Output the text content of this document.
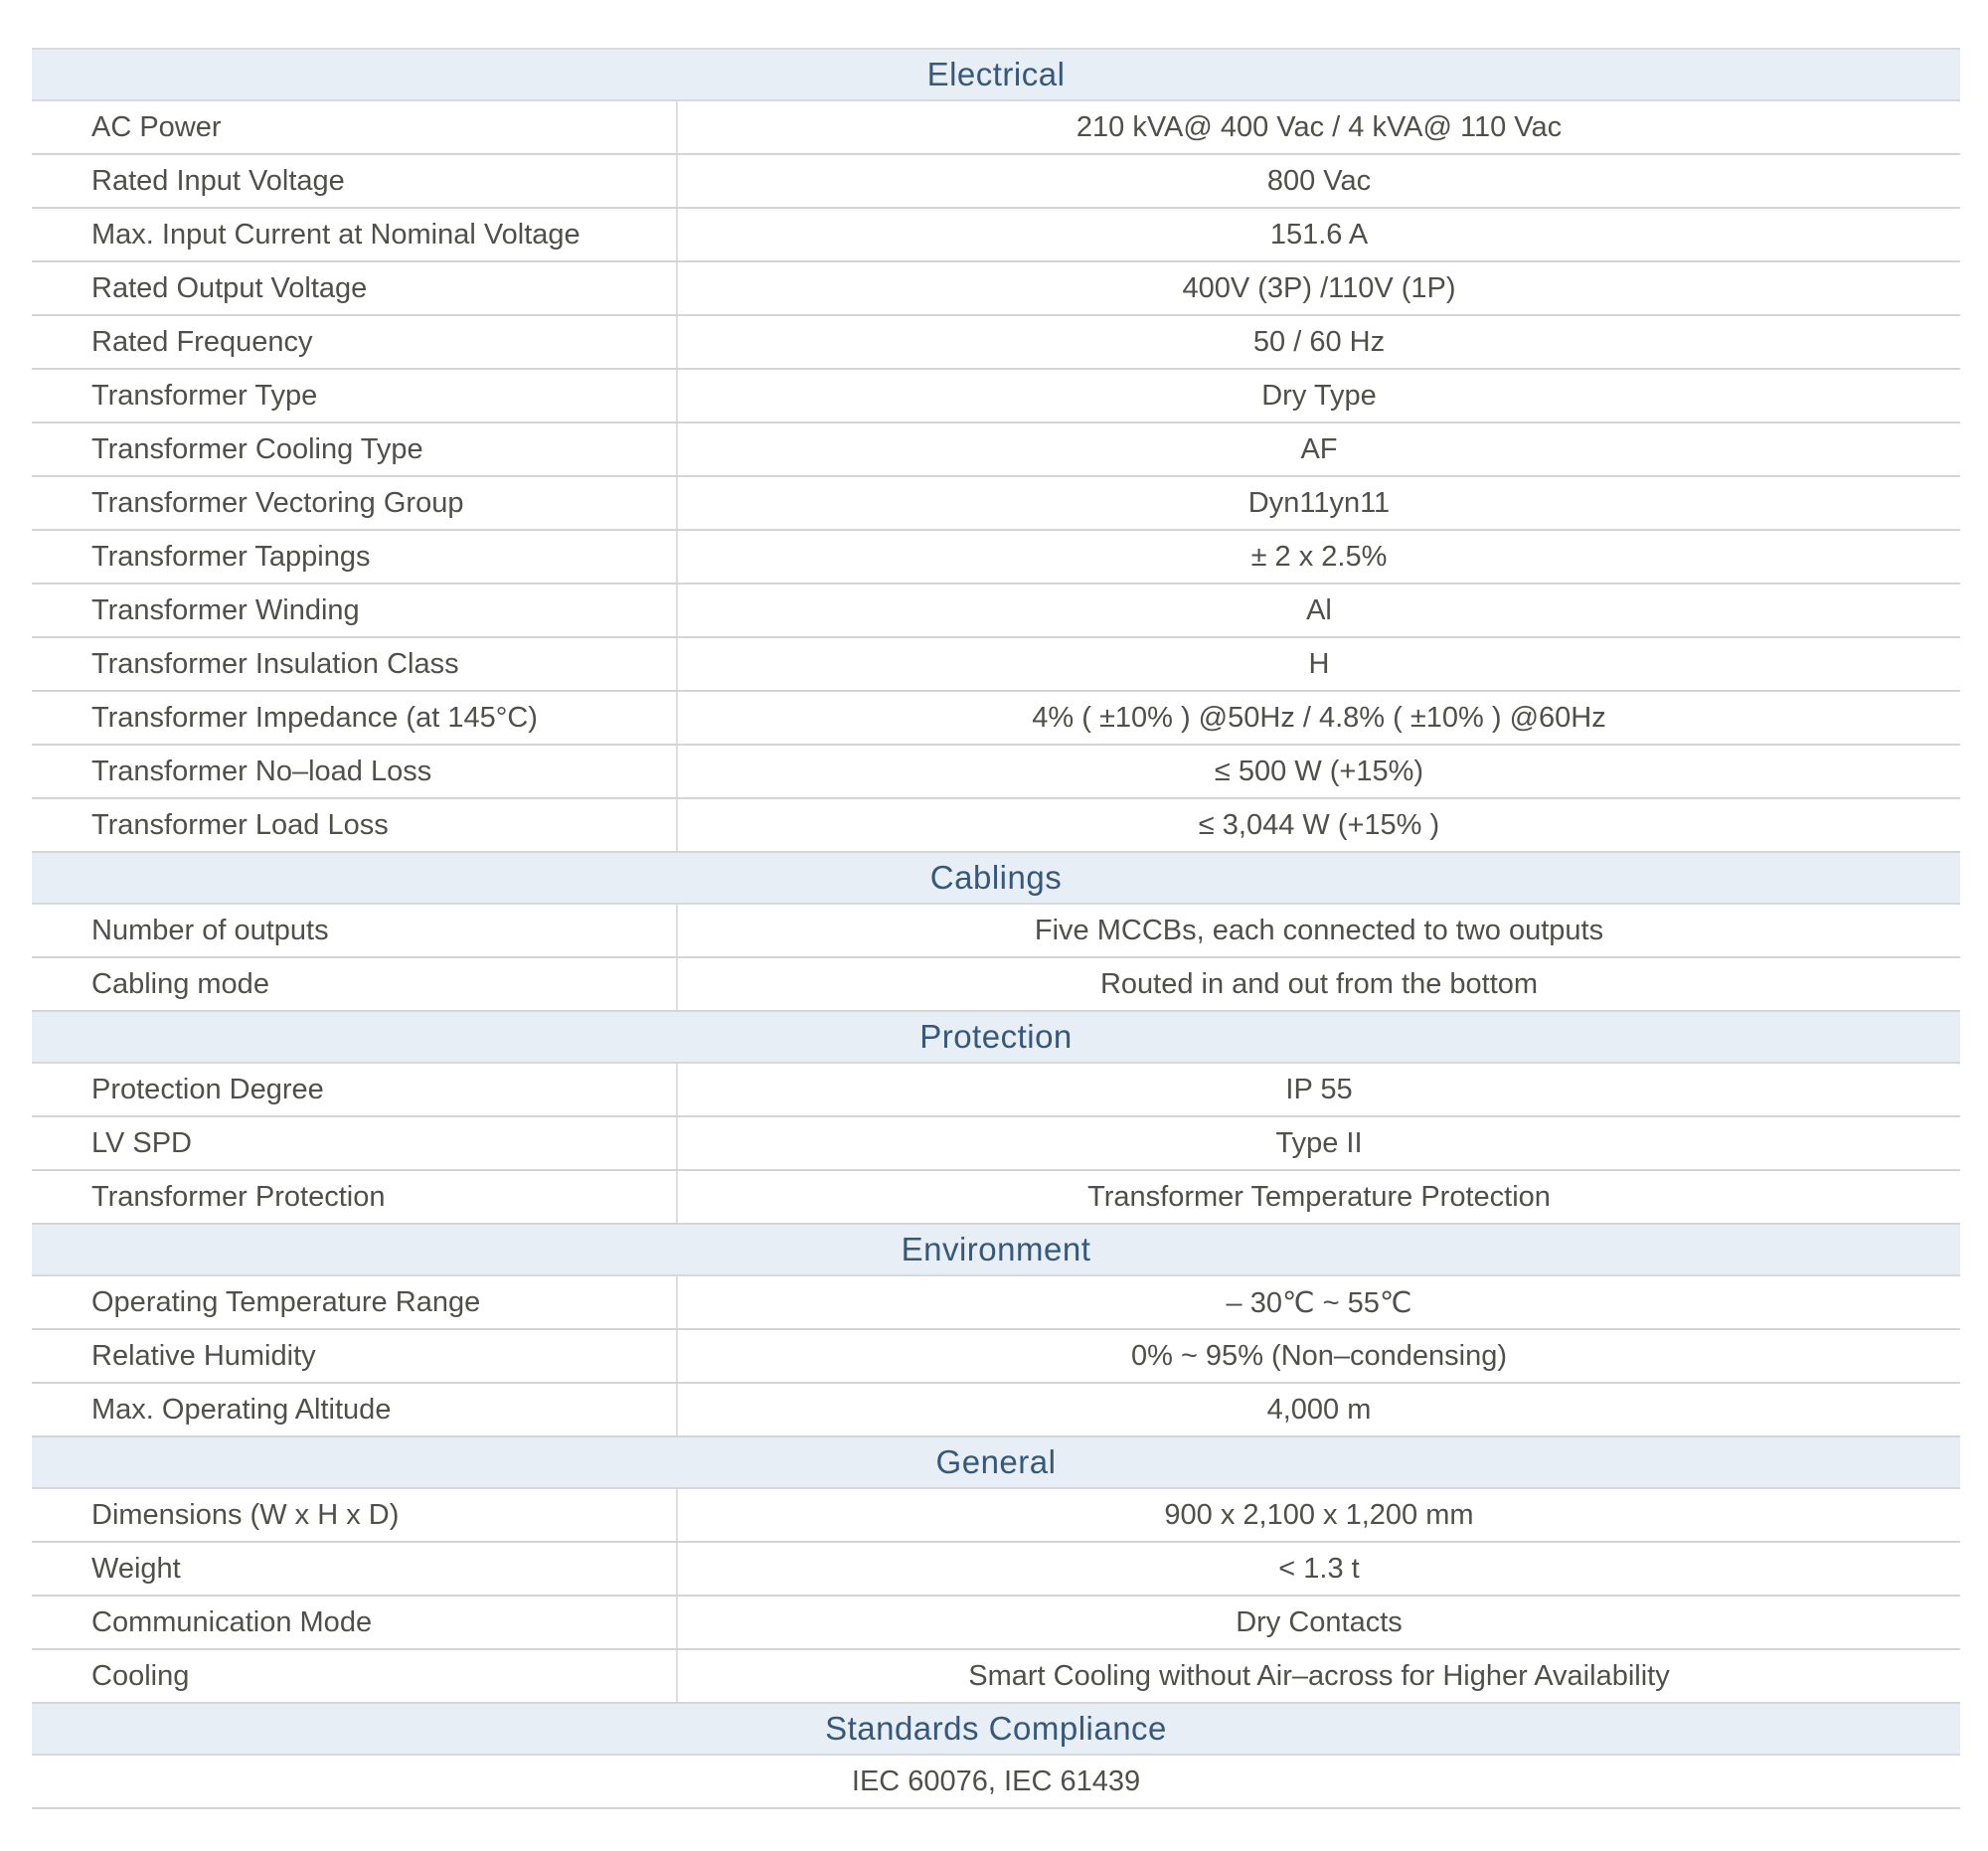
Electrical
AC Power	210 kVA@ 400 Vac / 4 kVA@ 110 Vac
Rated Input Voltage	800 Vac
Max. Input Current at Nominal Voltage	151.6 A
Rated Output Voltage	400V (3P) /110V (1P)
Rated Frequency	50 / 60 Hz
Transformer Type	Dry Type
Transformer Cooling Type	AF
Transformer Vectoring Group	Dyn11yn11
Transformer Tappings	± 2 x 2.5%
Transformer Winding	Al
Transformer Insulation Class	H
Transformer Impedance (at 145°C)	4% ( ±10% ) @50Hz / 4.8% ( ±10% ) @60Hz
Transformer No–load Loss	≤ 500 W (+15%)
Transformer Load Loss	≤ 3,044 W (+15% )
Cablings
Number of outputs	Five MCCBs, each connected to two outputs
Cabling mode	Routed in and out from the bottom
Protection
Protection Degree	IP 55
LV SPD	Type II
Transformer Protection	Transformer Temperature Protection
Environment
Operating Temperature Range	– 30℃ ~ 55℃
Relative Humidity	0% ~ 95% (Non–condensing)
Max. Operating Altitude	4,000 m
General
Dimensions (W x H x D)	900 x 2,100 x 1,200 mm
Weight	< 1.3 t
Communication Mode	Dry Contacts
Cooling	Smart Cooling without Air–across for Higher Availability
Standards Compliance
IEC 60076, IEC 61439
